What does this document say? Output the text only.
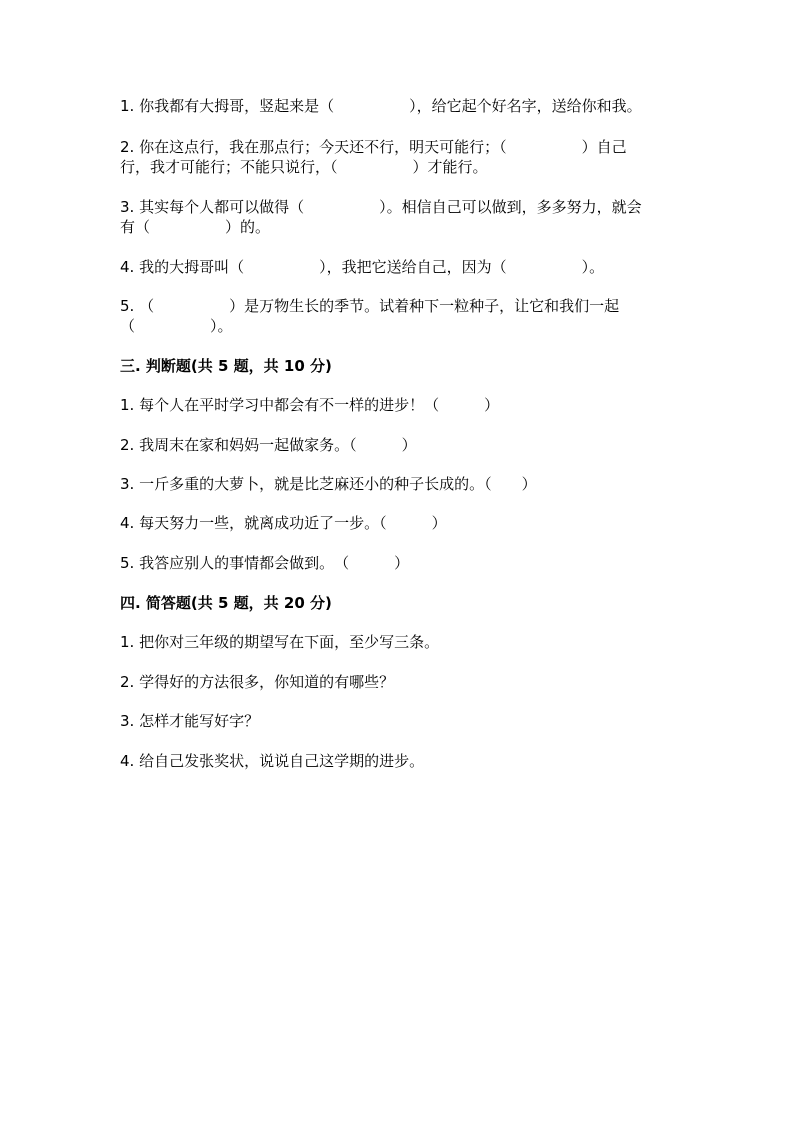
1. 你我都有大拇哥，竖起来是（　　　　　），给它起个好名字，送给你和我。
2. 你在这点行，我在那点行；今天还不行，明天可能行；（　　　　　）自己
行，我才可能行；不能只说行，（　　　　　）才能行。
3. 其实每个人都可以做得（　　　　　）。相信自己可以做到，多多努力，就会
有（　　　　　）的。
4. 我的大拇哥叫（　　　　　），我把它送给自己，因为（　　　　　）。
5. （　　　　　）是万物生长的季节。试着种下一粒种子，让它和我们一起
（　　　　　）。
三. 判断题(共 5 题，共 10 分)
1. 每个人在平时学习中都会有不一样的进步！（　　　）
2. 我周末在家和妈妈一起做家务。（　　　）
3. 一斤多重的大萝卜，就是比芝麻还小的种子长成的。（　　）
4. 每天努力一些，就离成功近了一步。（　　　）
5. 我答应别人的事情都会做到。　（　　　）
四. 简答题(共 5 题，共 20 分)
1. 把你对三年级的期望写在下面，至少写三条。
2. 学得好的方法很多，你知道的有哪些？
3. 怎样才能写好字？
4. 给自己发张奖状，说说自己这学期的进步。
